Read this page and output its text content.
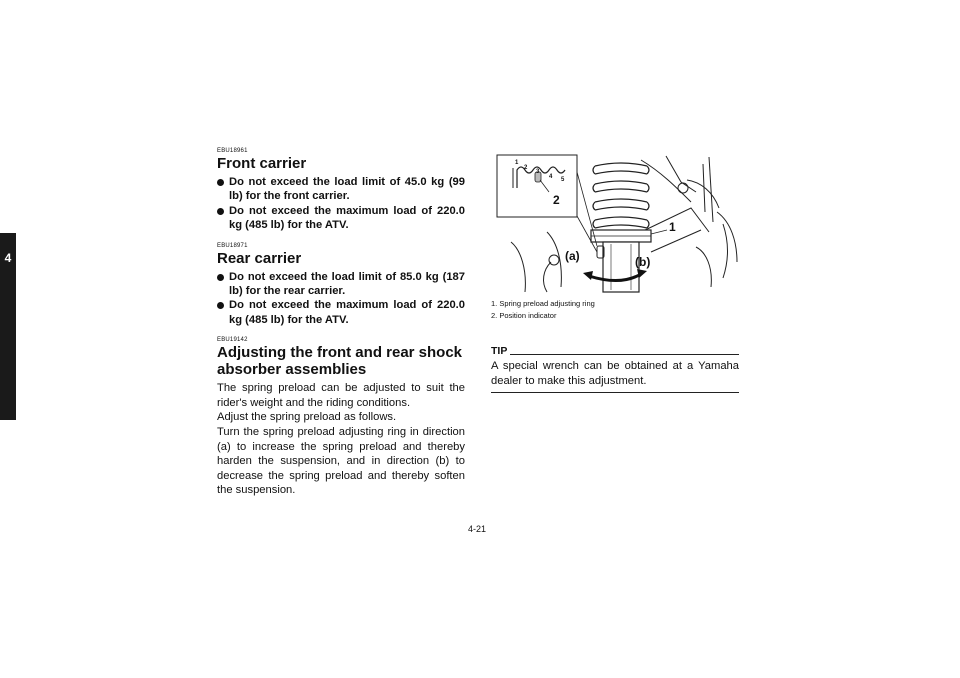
4

EBU18961

Front carrier
Do not exceed the load limit of 45.0 kg (99 lb) for the front carrier.
Do not exceed the maximum load of 220.0 kg (485 lb) for the ATV.

EBU18971

Rear carrier
Do not exceed the load limit of 85.0 kg (187 lb) for the rear carrier.
Do not exceed the maximum load of 220.0 kg (485 lb) for the ATV.

EBU19142

Adjusting the front and rear shock absorber assemblies

The spring preload can be adjusted to suit the rider's weight and the riding conditions.

Adjust the spring preload as follows.

Turn the spring preload adjusting ring in direction (a) to increase the spring preload and thereby harden the suspension, and in direction (b) to decrease the spring preload and thereby soften the suspension.

1
2
3
4 5
2
1
(a)	(b)
1. Spring preload adjusting ring
2. Position indicator
TIP

A special wrench can be obtained at a Yamaha dealer to make this adjustment.

4-21
